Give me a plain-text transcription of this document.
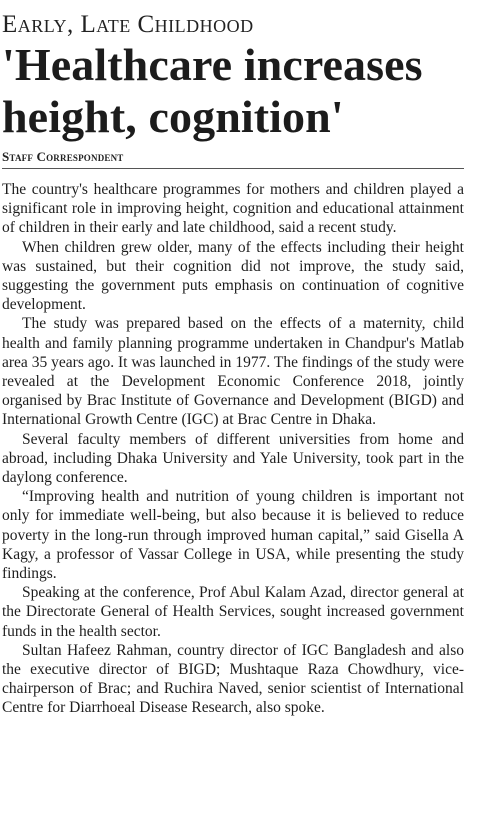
Early, Late Childhood
'Healthcare increases height, cognition'
Staff Correspondent

The country's healthcare programmes for mothers and children played a significant role in improving height, cognition and educational attainment of children in their early and late childhood, said a recent study.

When children grew older, many of the effects including their height was sustained, but their cognition did not improve, the study said, suggesting the government puts emphasis on continuation of cognitive development.

The study was prepared based on the effects of a maternity, child health and family planning programme undertaken in Chandpur's Matlab area 35 years ago. It was launched in 1977. The findings of the study were revealed at the Development Economic Conference 2018, jointly organised by Brac Institute of Governance and Development (BIGD) and International Growth Centre (IGC) at Brac Centre in Dhaka.

Several faculty members of different universities from home and abroad, including Dhaka University and Yale University, took part in the daylong conference.

“Improving health and nutrition of young children is important not only for immediate well-being, but also because it is believed to reduce poverty in the long-run through improved human capital,” said Gisella A Kagy, a professor of Vassar College in USA, while presenting the study findings.

Speaking at the conference, Prof Abul Kalam Azad, director general at the Directorate General of Health Services, sought increased government funds in the health sector.

Sultan Hafeez Rahman, country director of IGC Bangladesh and also the executive director of BIGD; Mushtaque Raza Chowdhury, vice-chairperson of Brac; and Ruchira Naved, senior scientist of International Centre for Diarrhoeal Disease Research, also spoke.
